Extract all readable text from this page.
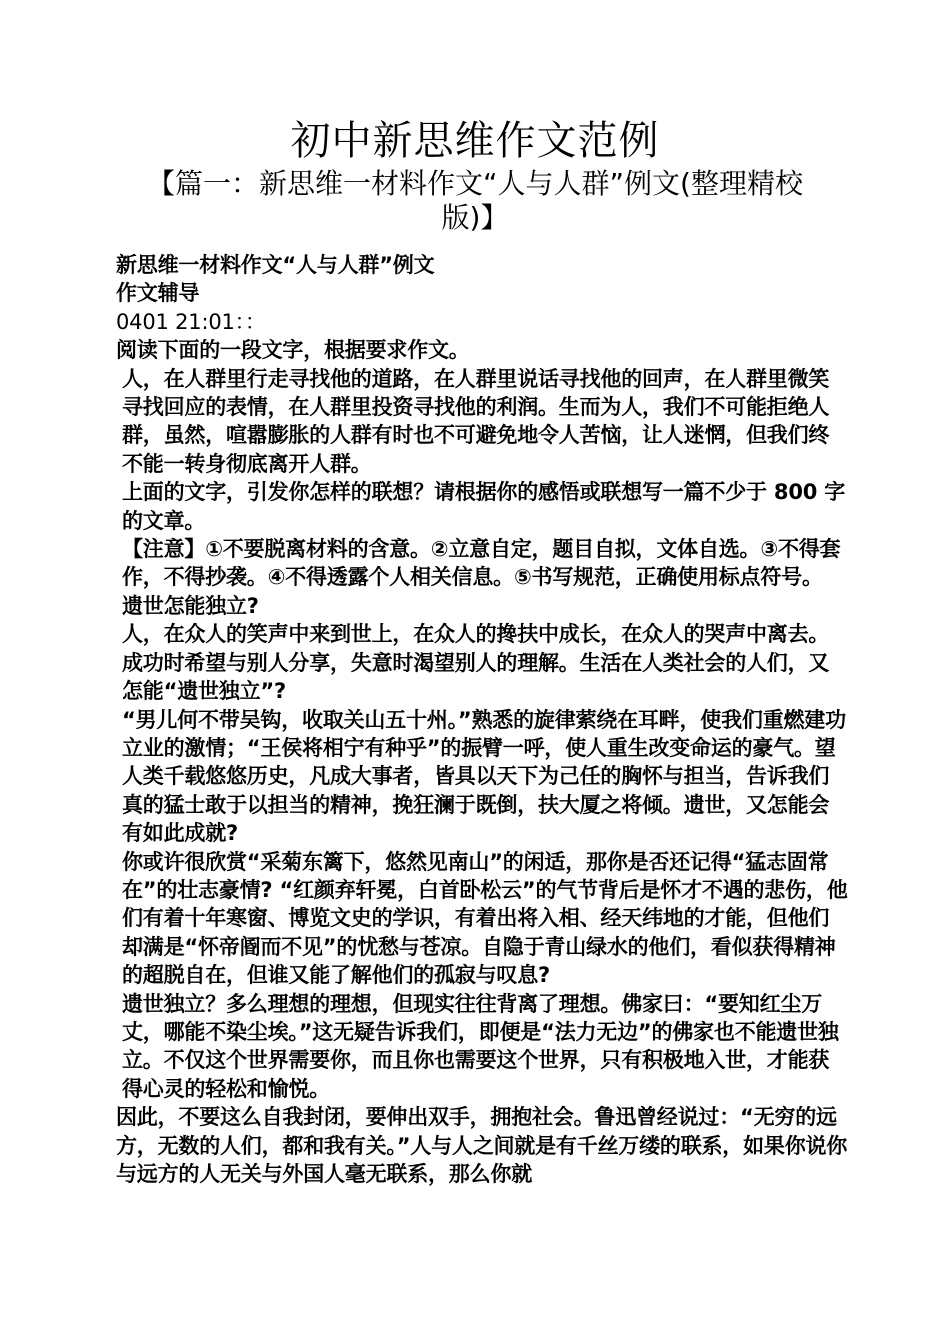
初中新思维作文范例
【篇一：新思维一材料作文“人与人群”例文(整理精校版)】

新思维一材料作文“人与人群”例文

作文辅导

0401 21:01：：

阅读下面的一段文字，根据要求作文。

人，在人群里行走寻找他的道路，在人群里说话寻找他的回声，在人群里微笑寻找回应的表情，在人群里投资寻找他的利润。生而为人，我们不可能拒绝人群，虽然，喧嚣膨胀的人群有时也不可避免地令人苦恼，让人迷惘，但我们终不能一转身彻底离开人群。

上面的文字，引发你怎样的联想？请根据你的感悟或联想写一篇不少于 800 字的文章。

【注意】①不要脱离材料的含意。②立意自定，题目自拟，文体自选。③不得套作，不得抄袭。④不得透露个人相关信息。⑤书写规范，正确使用标点符号。

遗世怎能独立?

人，在众人的笑声中来到世上，在众人的搀扶中成长，在众人的哭声中离去。成功时希望与别人分享，失意时渴望别人的理解。生活在人类社会的人们，又怎能“遗世独立”?

“男儿何不带吴钩，收取关山五十州。”熟悉的旋律萦绕在耳畔，使我们重燃建功立业的激情；“王侯将相宁有种乎”的振臂一呼，使人重生改变命运的豪气。望人类千载悠悠历史，凡成大事者，皆具以天下为己任的胸怀与担当，告诉我们真的猛士敢于以担当的精神，挽狂澜于既倒，扶大厦之将倾。遗世，又怎能会有如此成就?

你或许很欣赏“采菊东篱下，悠然见南山”的闲适，那你是否还记得“猛志固常在”的壮志豪情? “红颜弃轩冕，白首卧松云”的气节背后是怀才不遇的悲伤，他们有着十年寒窗、博览文史的学识，有着出将入相、经天纬地的才能，但他们却满是“怀帝阍而不见”的忧愁与苍凉。自隐于青山绿水的他们，看似获得精神的超脱自在，但谁又能了解他们的孤寂与叹息?

遗世独立？多么理想的理想，但现实往往背离了理想。佛家曰：“要知红尘万丈，哪能不染尘埃。”这无疑告诉我们，即便是“法力无边”的佛家也不能遗世独立。不仅这个世界需要你，而且你也需要这个世界，只有积极地入世，才能获得心灵的轻松和愉悦。

因此，不要这么自我封闭，要伸出双手，拥抱社会。鲁迅曾经说过：“无穷的远方，无数的人们，都和我有关。”人与人之间就是有千丝万缕的联系，如果你说你与远方的人无关与外国人毫无联系，那么你就
